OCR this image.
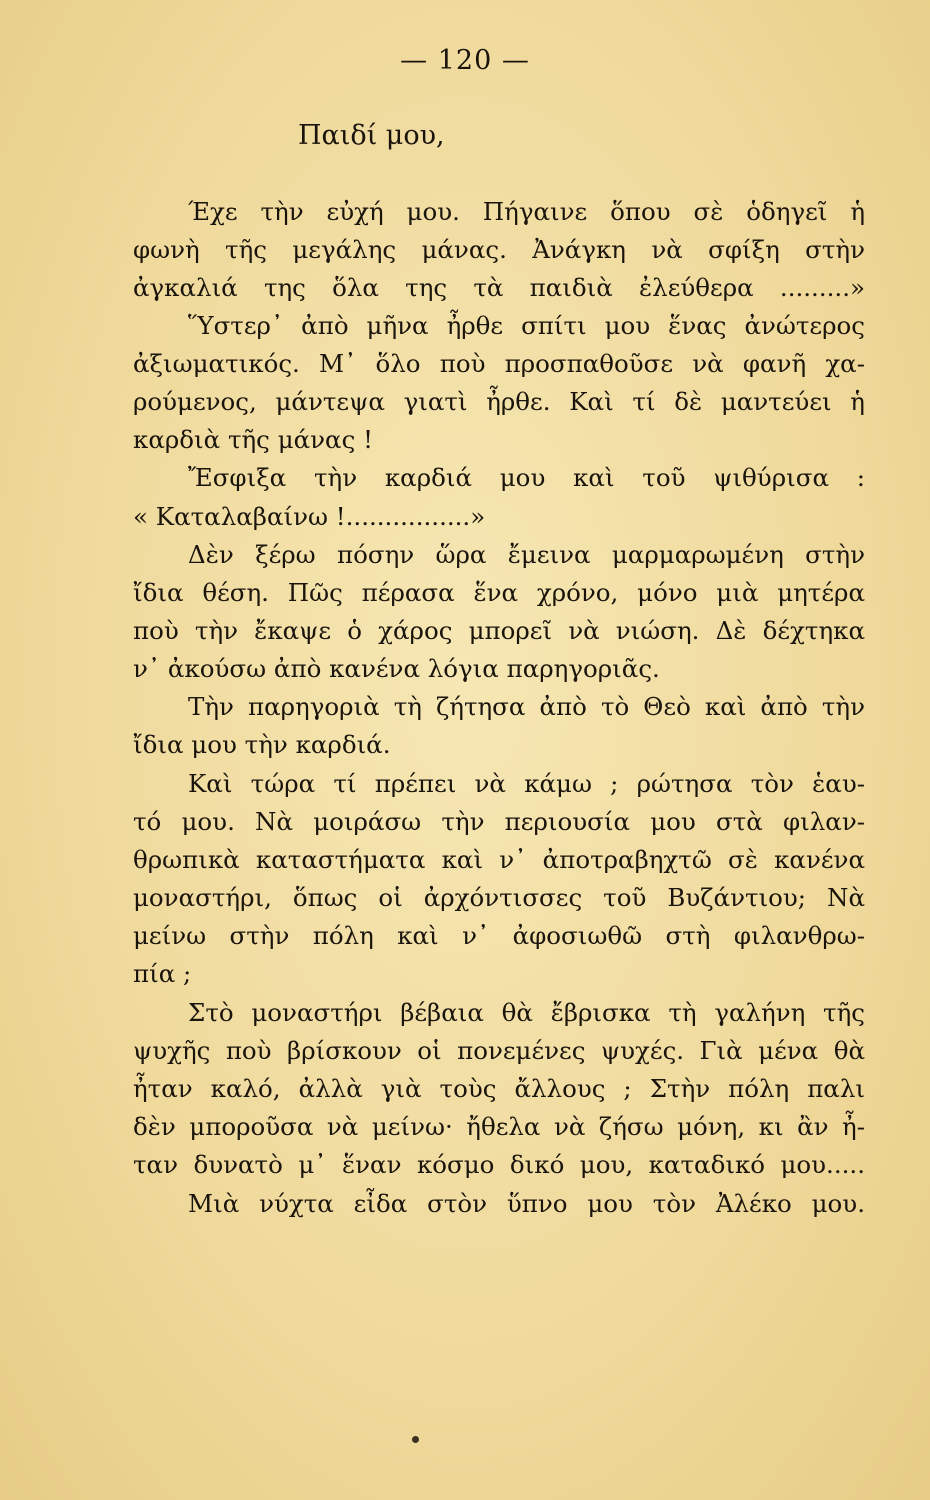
— 120 —
Παιδί μου,
Έχε τὴν εὐχή μου. Πήγαινε ὅπου σὲ ὁδηγεῖ ἡ
φωνὴ τῆς μεγάλης μάνας. Ἀνάγκη νὰ σφίξη στὴν
ἀγκαλιά της ὅλα της τὰ παιδιὰ ἐλεύθερα .........»
Ὕστερ᾽ ἀπὸ μῆνα ἦρθε σπίτι μου ἕνας ἀνώτερος
ἀξιωματικός. Μ᾽ ὅλο ποὺ προσπαθοῦσε νὰ φανῆ χα-
ρούμενος, μάντεψα γιατὶ ἦρθε. Καὶ τί δὲ μαντεύει ἡ
καρδιὰ τῆς μάνας !
Ἔσφιξα τὴν καρδιά μου καὶ τοῦ ψιθύρισα :
« Καταλαβαίνω !................»
Δὲν ξέρω πόσην ὥρα ἔμεινα μαρμαρωμένη στὴν
ἴδια θέση. Πῶς πέρασα ἕνα χρόνο, μόνο μιὰ μητέρα
ποὺ τὴν ἔκαψε ὁ χάρος μπορεῖ νὰ νιώση. Δὲ δέχτηκα
ν᾽ ἀκούσω ἀπὸ κανένα λόγια παρηγοριᾶς.
Τὴν παρηγοριὰ τὴ ζήτησα ἀπὸ τὸ Θεὸ καὶ ἀπὸ τὴν
ἴδια μου τὴν καρδιά.
Καὶ τώρα τί πρέπει νὰ κάμω ; ρώτησα τὸν ἑαυ-
τό μου. Νὰ μοιράσω τὴν περιουσία μου στὰ φιλαν-
θρωπικὰ καταστήματα καὶ ν᾽ ἀποτραβηχτῶ σὲ κανένα
μοναστήρι, ὅπως οἱ ἀρχόντισσες τοῦ Βυζάντιου; Νὰ
μείνω στὴν πόλη καὶ ν᾽ ἀφοσιωθῶ στὴ φιλανθρω-
πία ;
Στὸ μοναστήρι βέβαια θὰ ἔβρισκα τὴ γαλήνη τῆς
ψυχῆς ποὺ βρίσκουν οἱ πονεμένες ψυχές. Γιὰ μένα θὰ
ἦταν καλό, ἀλλὰ γιὰ τοὺς ἄλλους ; Στὴν πόλη παλι
δὲν μποροῦσα νὰ μείνω· ἤθελα νὰ ζήσω μόνη, κι ἂν ἦ-
ταν δυνατὸ μ᾽ ἕναν κόσμο δικό μου, καταδικό μου.....
Μιὰ νύχτα εἶδα στὸν ὕπνο μου τὸν Ἀλέκο μου.
